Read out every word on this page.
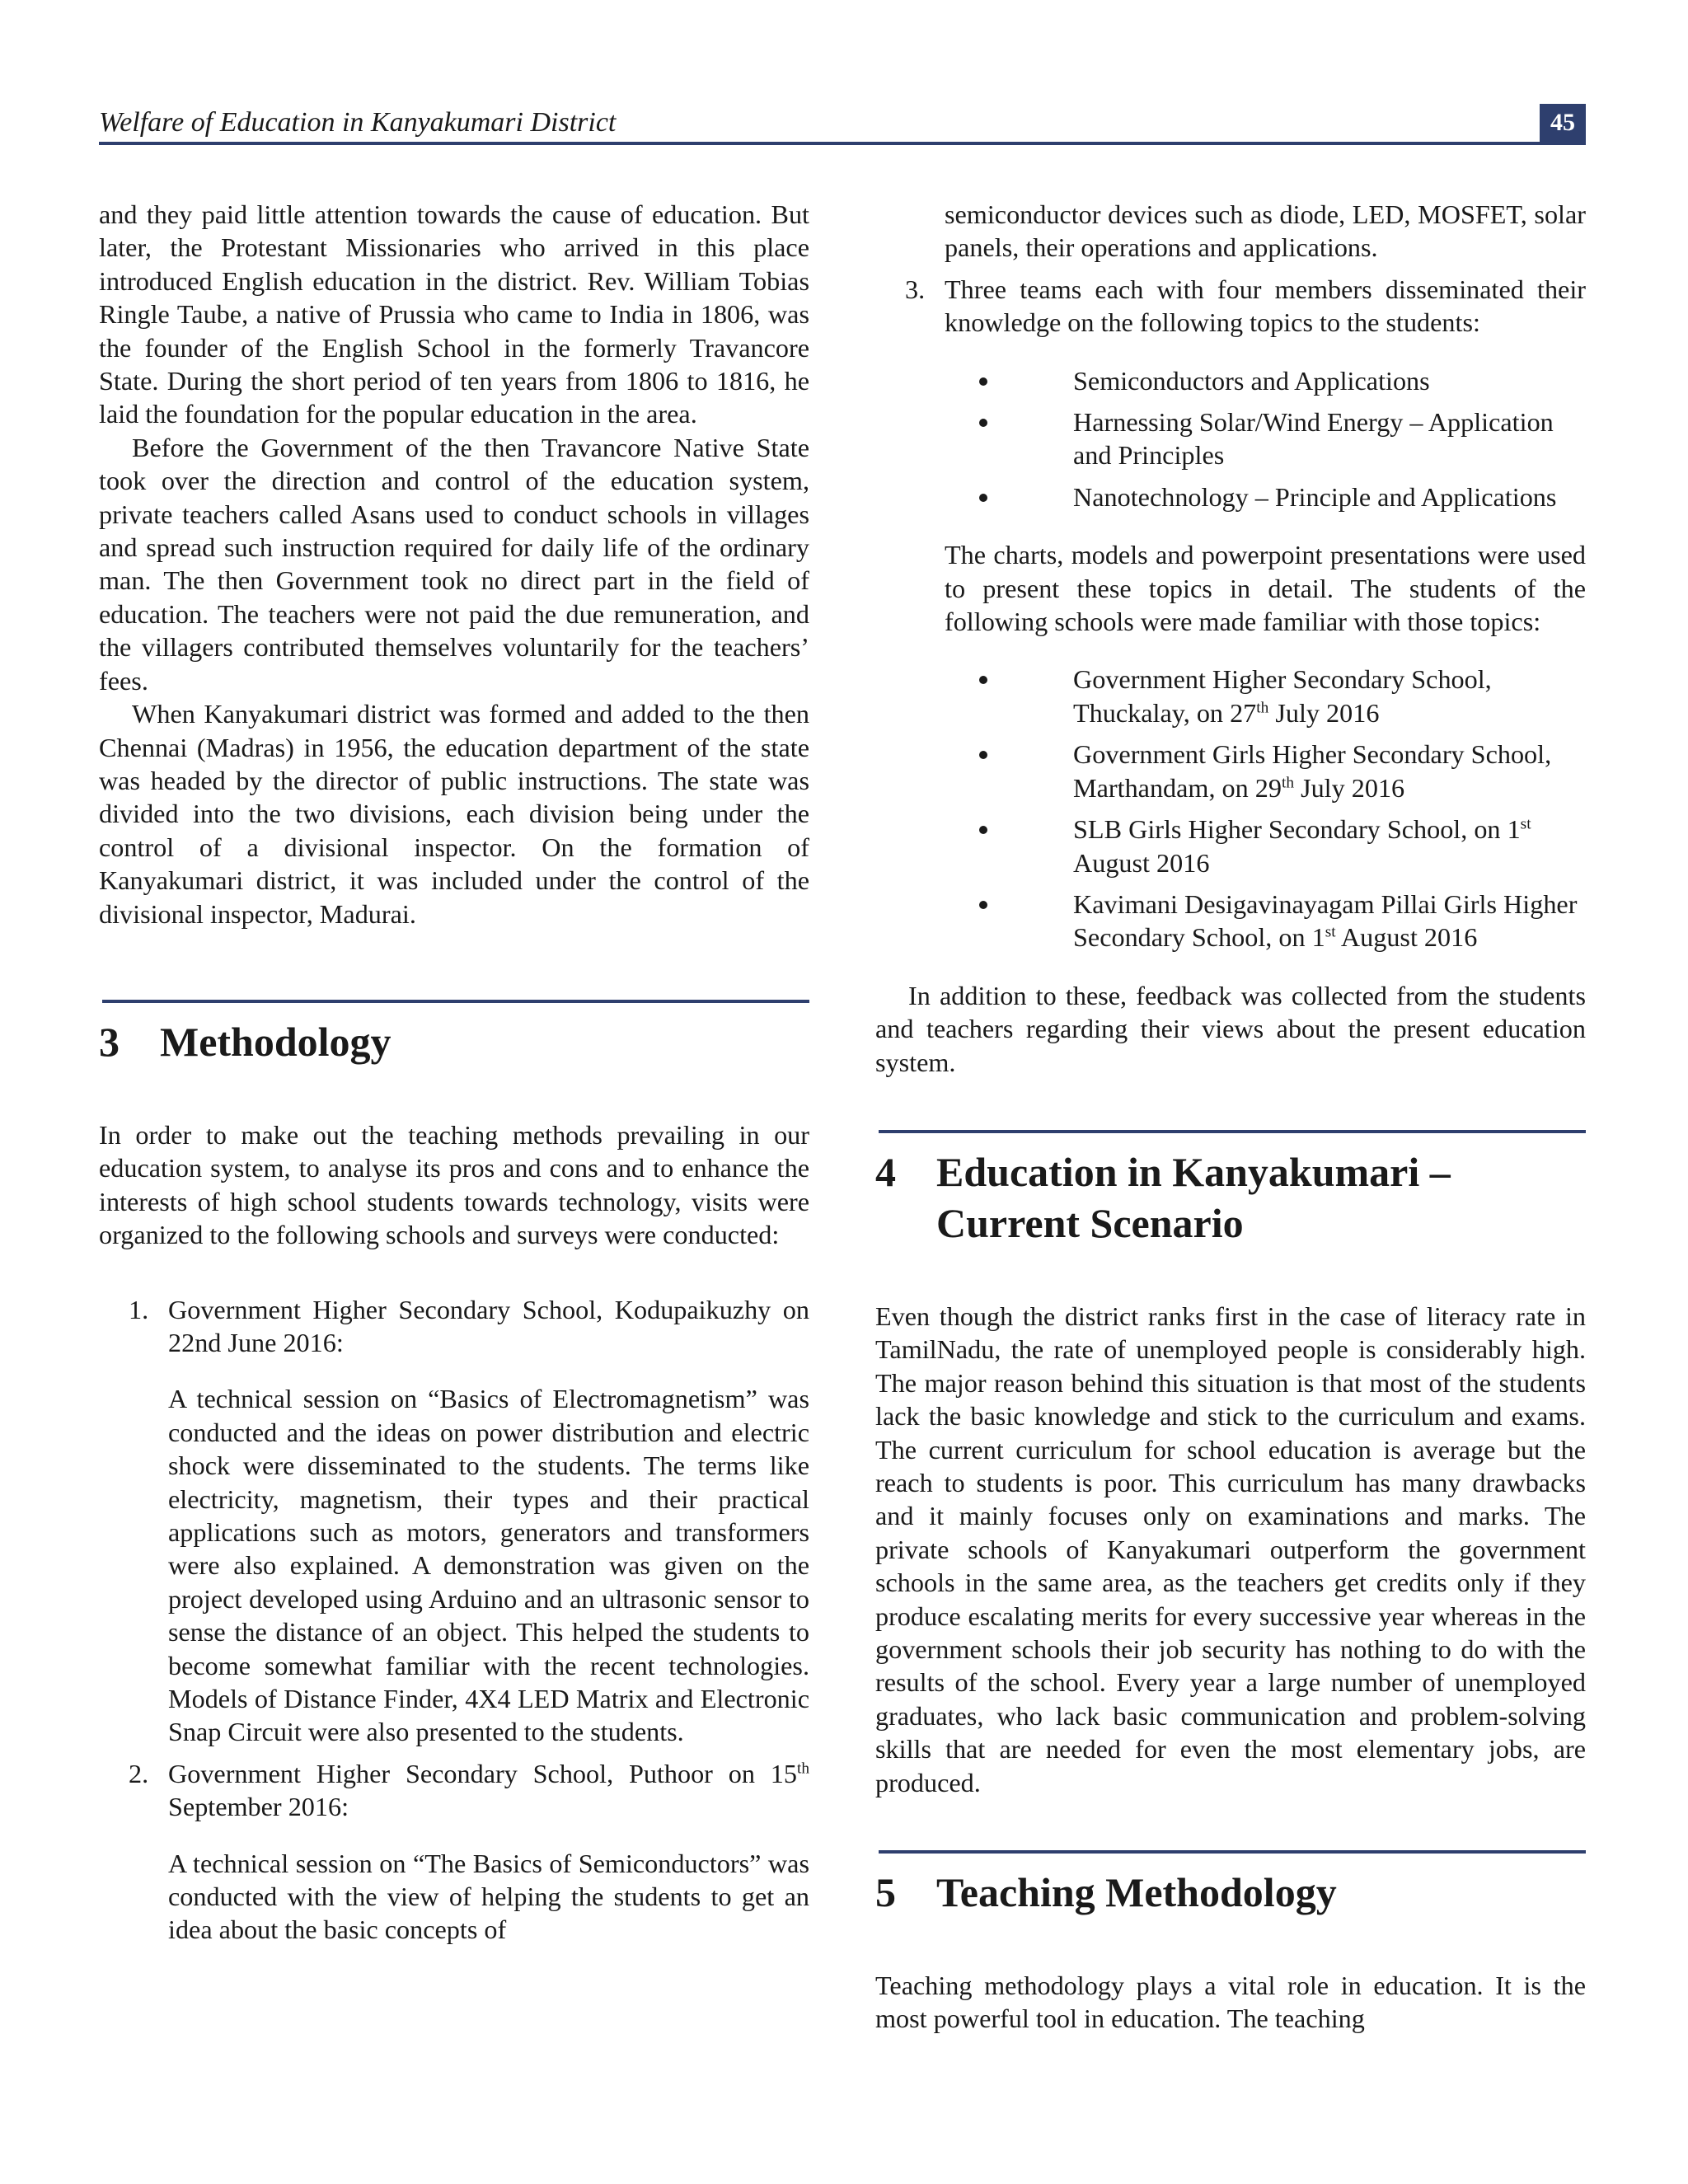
Welfare of Education in Kanyakumari District	45

and they paid little attention towards the cause of education. But later, the Protestant Missionaries who arrived in this place introduced English education in the district. Rev. William Tobias Ringle Taube, a native of Prussia who came to India in 1806, was the founder of the English School in the formerly Travancore State. During the short period of ten years from 1806 to 1816, he laid the foundation for the popular education in the area.

Before the Government of the then Travancore Native State took over the direction and control of the education system, private teachers called Asans used to conduct schools in villages and spread such instruction required for daily life of the ordinary man. The then Government took no direct part in the field of education. The teachers were not paid the due remuneration, and the villagers contributed themselves voluntarily for the teachers’ fees.

When Kanyakumari district was formed and added to the then Chennai (Madras) in 1956, the education department of the state was headed by the director of public instructions. The state was divided into the two divisions, each division being under the control of a divisional inspector. On the formation of Kanyakumari district, it was included under the control of the divisional inspector, Madurai.

3 Methodology

In order to make out the teaching methods prevailing in our education system, to analyse its pros and cons and to enhance the interests of high school students towards technology, visits were organized to the following schools and surveys were conducted:

1. Government Higher Secondary School, Kodupaikuzhy on 22nd June 2016:

A technical session on “Basics of Electromagnetism” was conducted and the ideas on power distribution and electric shock were disseminated to the students. The terms like electricity, magnetism, their types and their practical applications such as motors, generators and transformers were also explained. A demonstration was given on the project developed using Arduino and an ultrasonic sensor to sense the distance of an object. This helped the students to become somewhat familiar with the recent technologies. Models of Distance Finder, 4X4 LED Matrix and Electronic Snap Circuit were also presented to the students.

2. Government Higher Secondary School, Puthoor on 15th September 2016:

A technical session on “The Basics of Semiconductors” was conducted with the view of helping the students to get an idea about the basic concepts of

semiconductor devices such as diode, LED, MOSFET, solar panels, their operations and applications.

3. Three teams each with four members disseminated their knowledge on the following topics to the students:

Semiconductors and Applications
Harnessing Solar/Wind Energy – Application and Principles
Nanotechnology – Principle and Applications

The charts, models and powerpoint presentations were used to present these topics in detail. The students of the following schools were made familiar with those topics:

Government Higher Secondary School, Thuckalay, on 27th July 2016
Government Girls Higher Secondary School, Marthandam, on 29th July 2016
SLB Girls Higher Secondary School, on 1st August 2016
Kavimani Desigavinayagam Pillai Girls Higher Secondary School, on 1st August 2016

In addition to these, feedback was collected from the students and teachers regarding their views about the present education system.

4 Education in Kanyakumari – Current Scenario

Even though the district ranks first in the case of literacy rate in TamilNadu, the rate of unemployed people is considerably high. The major reason behind this situation is that most of the students lack the basic knowledge and stick to the curriculum and exams. The current curriculum for school education is average but the reach to students is poor. This curriculum has many drawbacks and it mainly focuses only on examinations and marks. The private schools of Kanyakumari outperform the government schools in the same area, as the teachers get credits only if they produce escalating merits for every successive year whereas in the government schools their job security has nothing to do with the results of the school. Every year a large number of unemployed graduates, who lack basic communication and problem-solving skills that are needed for even the most elementary jobs, are produced.

5 Teaching Methodology

Teaching methodology plays a vital role in education. It is the most powerful tool in education. The teaching
